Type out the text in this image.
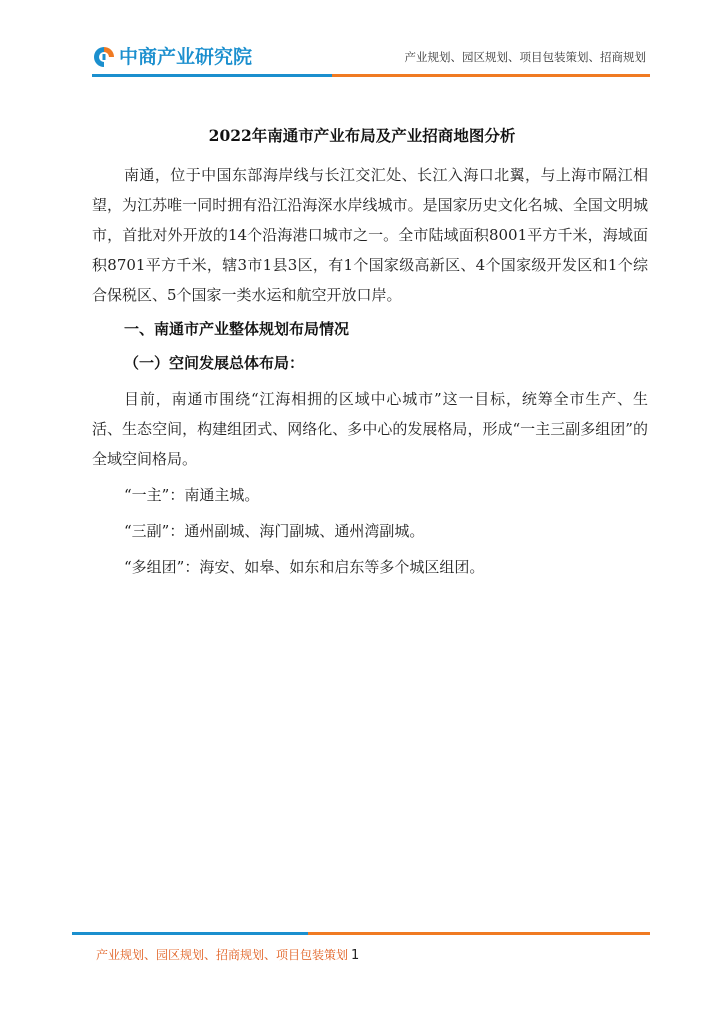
中商产业研究院	产业规划、园区规划、项目包装策划、招商规划
2022年南通市产业布局及产业招商地图分析

南通，位于中国东部海岸线与长江交汇处、长江入海口北翼，与上海市隔江相望，为江苏唯一同时拥有沿江沿海深水岸线城市。是国家历史文化名城、全国文明城市，首批对外开放的14个沿海港口城市之一。全市陆域面积8001平方千米，海域面积8701平方千米，辖3市1县3区，有1个国家级高新区、4个国家级开发区和1个综合保税区、5个国家一类水运和航空开放口岸。

一、南通市产业整体规划布局情况

（一）空间发展总体布局：

目前，南通市围绕“江海相拥的区域中心城市”这一目标，统筹全市生产、生活、生态空间，构建组团式、网络化、多中心的发展格局，形成“一主三副多组团”的全域空间格局。

“一主”：南通主城。

“三副”：通州副城、海门副城、通州湾副城。

“多组团”：海安、如皋、如东和启东等多个城区组团。

产业规划、园区规划、招商规划、项目包装策划 1
